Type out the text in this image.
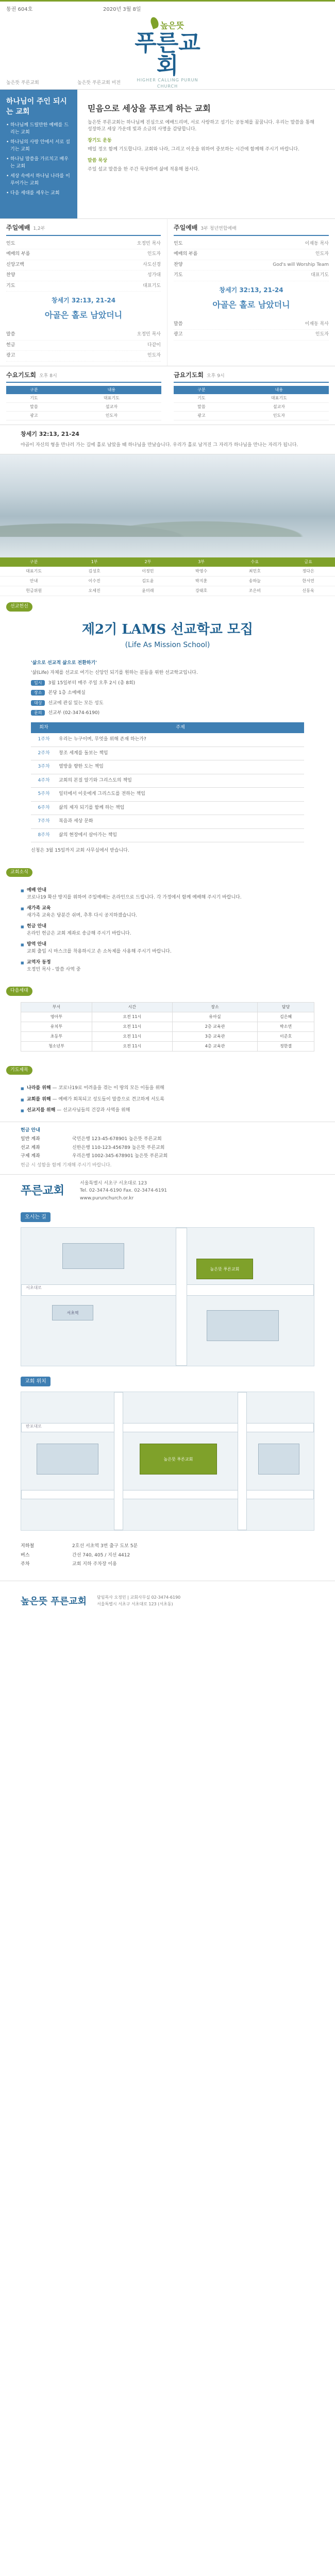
통권 604호	2020년 3월 8일
높은뜻
푸른교회
HIGHER CALLING PURUN CHURCH
높은뜻 푸른교회	높은뜻 푸른교회 비전
하나님이 주인 되시는 교회
• 하나님께 드릴만한 예배를 드리는 교회
• 하나님의 사랑 안에서 서로 섬기는 교회
• 하나님 말씀을 가르치고 배우는 교회
• 세상 속에서 하나님 나라를 이루어가는 교회
• 다음 세대를 세우는 교회
믿음으로 세상을 푸르게 하는 교회

높은뜻 푸른교회는 하나님께 진심으로 예배드리며, 서로 사랑하고 섬기는 공동체를 꿈꿉니다. 우리는 말씀을 통해 성장하고 세상 가운데 빛과 소금의 사명을 감당합니다.

장기도 운동

매일 정오 함께 기도합니다. 교회와 나라, 그리고 이웃을 위하여 중보하는 시간에 함께해 주시기 바랍니다.

말씀 묵상

주일 설교 말씀을 한 주간 묵상하며 삶에 적용해 봅시다.

주일예배 1,2부
인도	오정민 목사
예배의 부름	인도자
신앙고백	사도신경
찬양	성가대
기도	대표기도
창세기 32:13, 21-24
아골은 홀로 남았더니
말씀	오정민 목사
헌금	다같이
광고	인도자
주일예배 3부 청년연합예배
인도	이재동 목사
예배의 부름	인도자
찬양	God's will Worship Team
기도	대표기도
창세기 32:13, 21-24
아골은 홀로 남았더니
말씀	이재동 목사
광고	인도자
수요기도회 오후 8시
구분	내용
기도	대표기도
말씀	설교자
광고	인도자
금요기도회 오후 9시
구분	내용
기도	대표기도
말씀	설교자
광고	인도자
창세기 32:13, 21-24

야곱이 자신의 형을 만나러 가는 길에 홀로 남았을 때 하나님을 만났습니다. 우리가 홀로 남겨진 그 자리가 하나님을 만나는 자리가 됩니다.

구분	1부	2부	3부	수요	금요
대표기도	김성호	이정민	박영수	최민호	정다은
안내	이수진	김도윤	박지훈	송하늘	한서연
헌금위원	오세진	윤미래	강태호	조은비	신동욱
선교헌신
제2기 LAMS 선교학교 모집
(Life As Mission School)

'삶으로 선교적 삶으로 전환하기'

'삶(Life) 자체를 선교로 여기는 신앙인 되기를 원하는 분들을 위한 선교학교입니다.

일시 3월 15일부터 매주 주일 오후 2시 (총 8회)

장소 본당 1층 소예배실

대상 선교에 관심 있는 모든 성도

문의 선교부 (02-3474-6190)

회차	주제
1주차	우리는 누구이며, 무엇을 위해 존재 하는가?
2주차	창조 세계를 돌보는 책임
3주차	열방을 향한 도는 책임
4주차	교회의 본질 알기와 그리스도의 책임
5주차	일터에서 이웃에게 그리스도를 전하는 책임
6주차	삶의 제자 되기를 함께 하는 책임
7주차	복음과 세상 문화
8주차	삶의 현장에서 살아가는 책임

신청은 3월 15일까지 교회 사무실에서 받습니다.

교회소식
■ 예배 안내
코로나19 확산 방지를 위하여 주일예배는 온라인으로 드립니다. 각 가정에서 함께 예배해 주시기 바랍니다.
■ 새가족 교육
새가족 교육은 당분간 쉬며, 추후 다시 공지하겠습니다.
■ 헌금 안내
온라인 헌금은 교회 계좌로 송금해 주시기 바랍니다.
■ 방역 안내
교회 출입 시 마스크를 착용하시고 손 소독제를 사용해 주시기 바랍니다.
■ 교역자 동정
오정민 목사 - 말씀 사역 중
다음세대
부서	시간	장소	담당
영아부	오전 11시	유아실	김은혜
유치부	오전 11시	2층 교육관	박소연
초등부	오전 11시	3층 교육관	이준호
청소년부	오전 11시	4층 교육관	정한결
기도제목
■ 나라를 위해 — 코로나19로 어려움을 겪는 이 땅의 모든 이들을 위해
■ 교회를 위해 — 예배가 회복되고 성도들이 말씀으로 견고하게 서도록
■ 선교지를 위해 — 선교사님들의 건강과 사역을 위해
헌금 안내
일반 계좌	국민은행 123-45-678901 높은뜻 푸른교회
선교 계좌	신한은행 110-123-456789 높은뜻 푸른교회
구제 계좌	우리은행 1002-345-678901 높은뜻 푸른교회
헌금 시 성함을 함께 기재해 주시기 바랍니다.
푸른교회
서울특별시 서초구 서초대로 123
Tel. 02-3474-6190 Fax. 02-3474-6191
www.purunchurch.or.kr
오시는 길
서초대로
높은뜻 푸른교회
서초역
교회 위치
반포대로
높은뜻 푸른교회
지하철	2호선 서초역 3번 출구 도보 5분
버스	간선 740, 405 / 지선 4412
주차	교회 지하 주차장 이용
높은뜻 푸른교회	담임목사 오정민 | 교회사무실 02-3474-6190
서울특별시 서초구 서초대로 123 (서초동)
